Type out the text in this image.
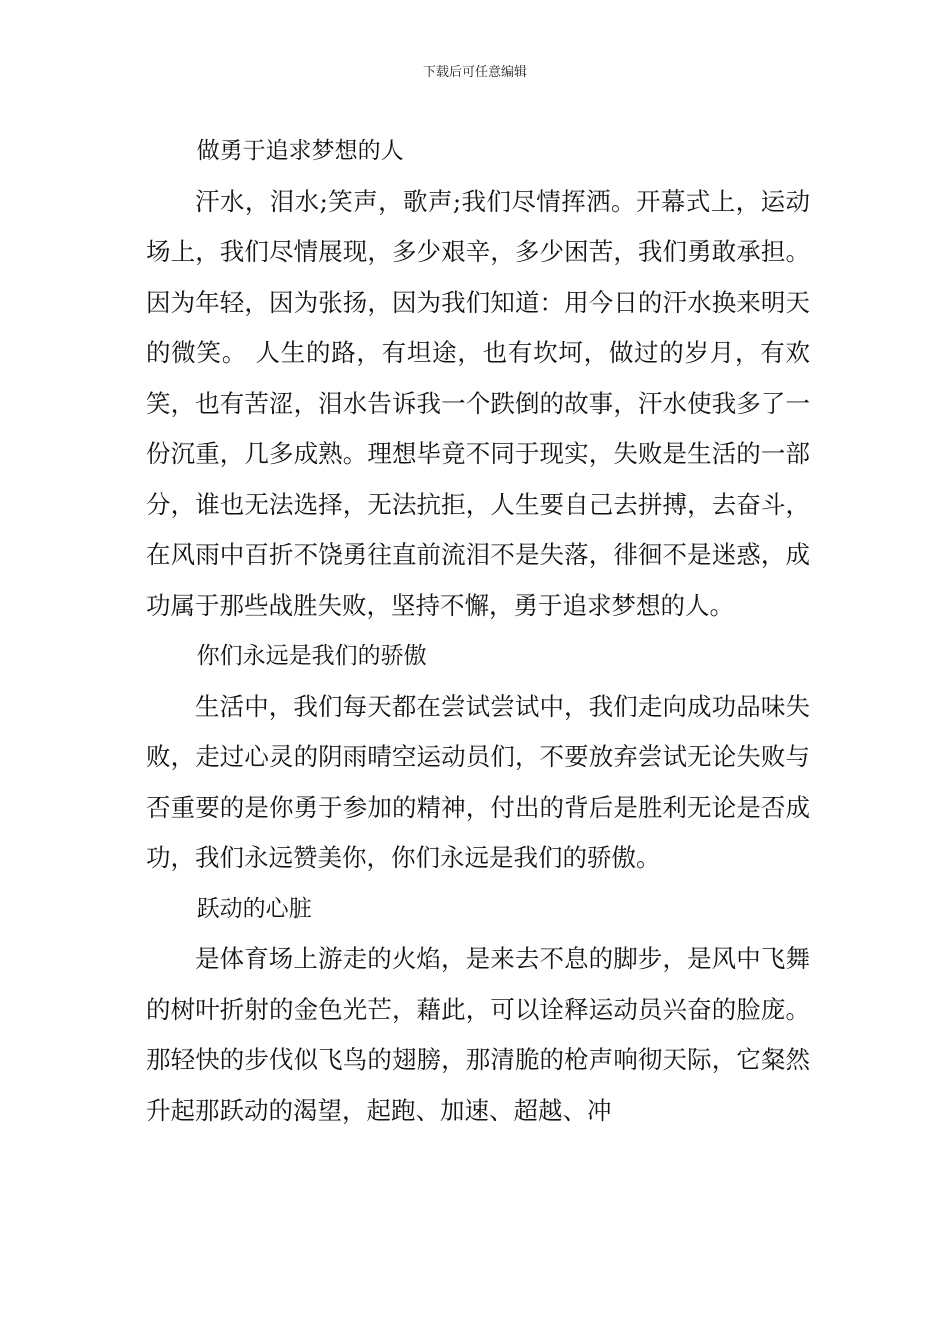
下载后可任意编辑

做勇于追求梦想的人

汗水，泪水;笑声，歌声;我们尽情挥洒。开幕式上，运动场上，我们尽情展现，多少艰辛，多少困苦，我们勇敢承担。因为年轻，因为张扬，因为我们知道：用今日的汗水换来明天的微笑。 人生的路，有坦途，也有坎坷，做过的岁月，有欢笑，也有苦涩，泪水告诉我一个跌倒的故事，汗水使我多了一份沉重，几多成熟。理想毕竟不同于现实，失败是生活的一部分，谁也无法选择，无法抗拒，人生要自己去拼搏，去奋斗，在风雨中百折不饶勇往直前流泪不是失落，徘徊不是迷惑，成功属于那些战胜失败，坚持不懈，勇于追求梦想的人。

你们永远是我们的骄傲

生活中，我们每天都在尝试尝试中，我们走向成功品味失败，走过心灵的阴雨晴空运动员们，不要放弃尝试无论失败与否重要的是你勇于参加的精神，付出的背后是胜利无论是否成功，我们永远赞美你，你们永远是我们的骄傲。

跃动的心脏

是体育场上游走的火焰，是来去不息的脚步，是风中飞舞的树叶折射的金色光芒，藉此，可以诠释运动员兴奋的脸庞。那轻快的步伐似飞鸟的翅膀，那清脆的枪声响彻天际，它粲然升起那跃动的渴望，起跑、加速、超越、冲
